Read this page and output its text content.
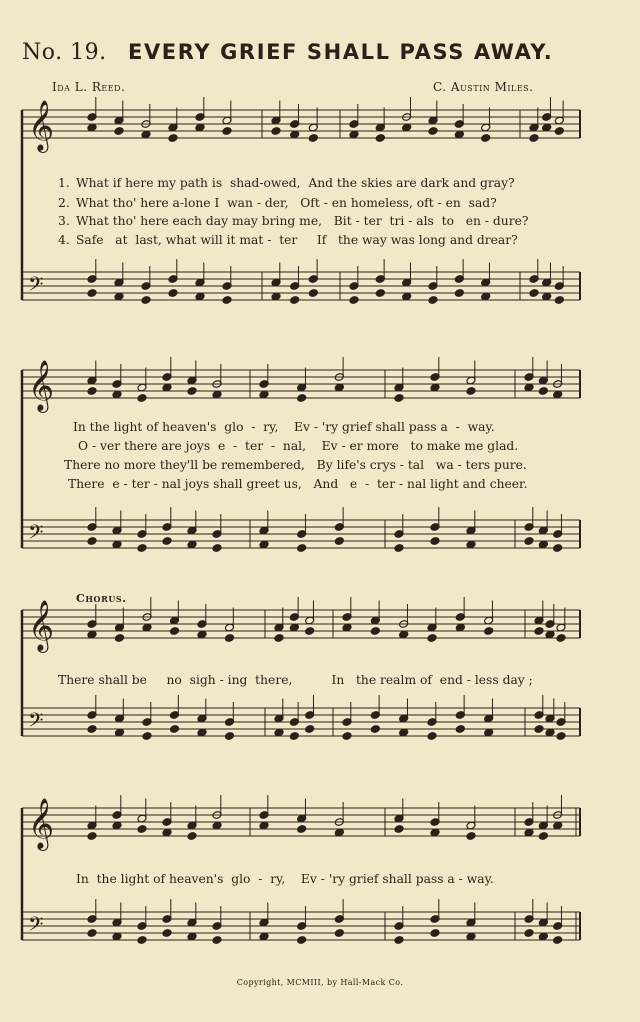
No. 19. EVERY GRIEF SHALL PASS AWAY.
Ida L. Reed.	C. Austin Miles.
𝄞
𝄢
𝄞
𝄢
𝄞
𝄢
𝄞
𝄢
1. What if here my path is  shad-owed,  And the skies are dark and gray?
2. What tho' here a-lone I  wan - der,   Oft - en homeless, oft - en  sad?
3. What tho' here each day may bring me,   Bit - ter  tri - als  to   en - dure?
4. Safe   at  last, what will it mat -  ter     If   the way was long and drear?
In the light of heaven's  glo  -  ry,    Ev - 'ry grief shall pass a  -  way.
O - ver there are joys  e  -  ter  -  nal,    Ev - er more   to make me glad.
There no more they'll be remembered,   By life's crys - tal   wa - ters pure.
There  e - ter - nal joys shall greet us,   And   e  -  ter - nal light and cheer.
Chorus.
There shall be     no  sigh - ing  there,          In   the realm of  end - less day ;
In  the light of heaven's  glo  -  ry,    Ev - 'ry grief shall pass a - way.
Copyright, MCMIII, by Hall-Mack Co.
